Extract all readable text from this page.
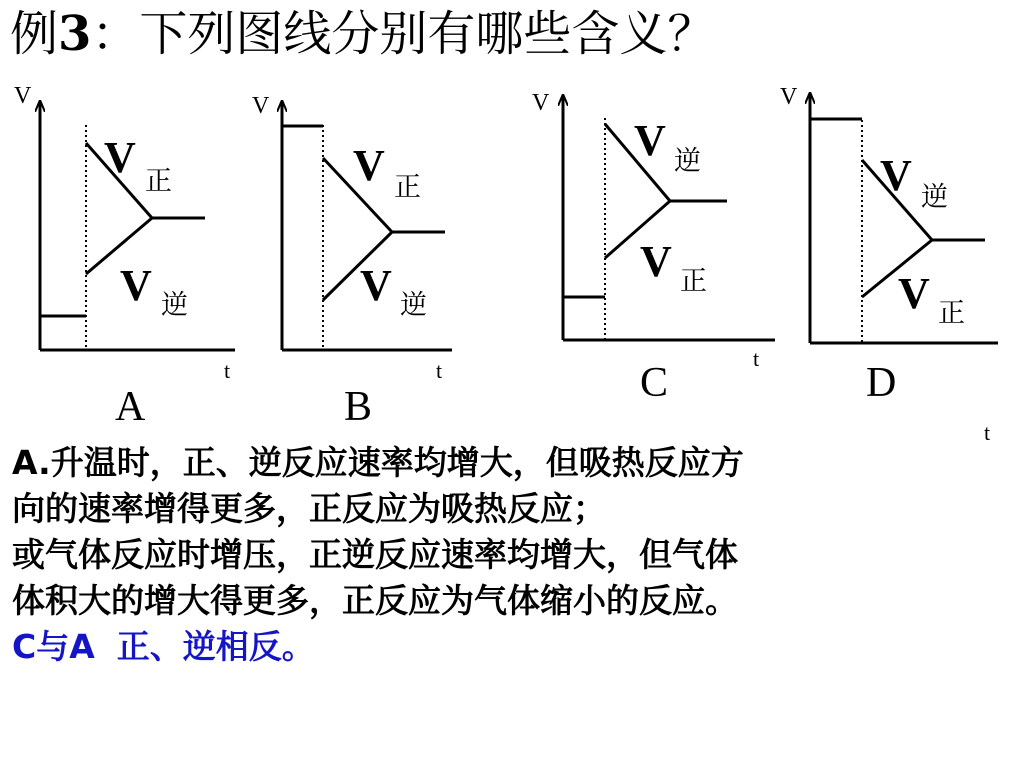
例3：下列图线分别有哪些含义？
V
t
V 正
V 逆
A
V
t
V 正
V 逆
B
V
t
V 逆
V 正
C
V
t
V 逆
V 正
D
A.升温时，正、逆反应速率均增大，但吸热反应方
向的速率增得更多，正反应为吸热反应；
或气体反应时增压，正逆反应速率均增大，但气体
体积大的增大得更多，正反应为气体缩小的反应。
C与A 正、逆相反。
